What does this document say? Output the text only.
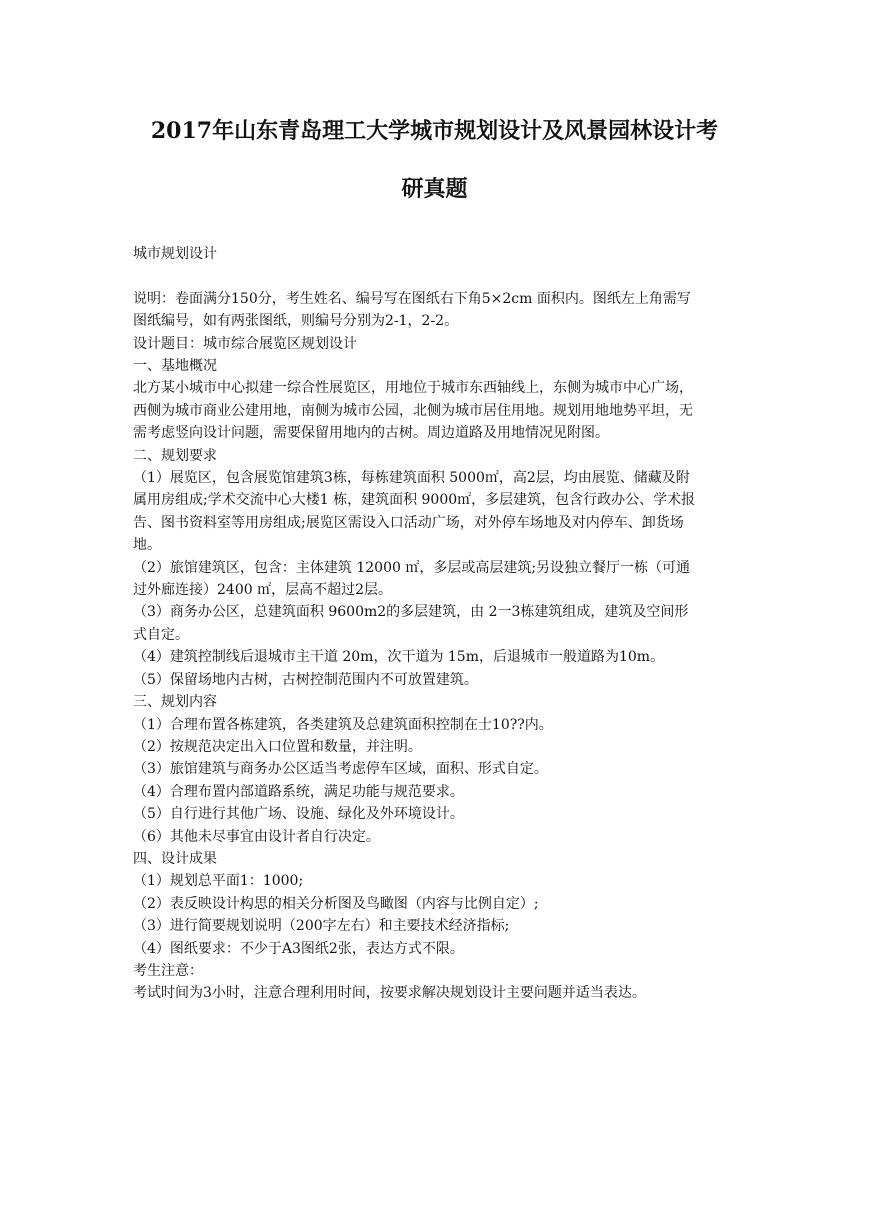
2017年山东青岛理工大学城市规划设计及风景园林设计考
研真题

城市规划设计

说明：卷面满分150分，考生姓名、编号写在图纸右下角5×2cm 面积内。图纸左上角需写

图纸编号，如有两张图纸，则编号分别为2-1，2-2。

设计题目：城市综合展览区规划设计

一、基地概况

北方某小城市中心拟建一综合性展览区，用地位于城市东西轴线上，东侧为城市中心广场，

西侧为城市商业公建用地，南侧为城市公园，北侧为城市居住用地。规划用地地势平坦，无

需考虑竖向设计问题，需要保留用地内的古树。周边道路及用地情况见附图。

二、规划要求

（1）展览区，包含展览馆建筑3栋，每栋建筑面积 5000㎡，高2层，均由展览、储藏及附

属用房组成;学术交流中心大楼1 栋，建筑面积 9000㎡，多层建筑，包含行政办公、学术报

告、图书资料室等用房组成;展览区需设入口活动广场，对外停车场地及对内停车、卸货场

地。

（2）旅馆建筑区，包含：主体建筑 12000 ㎡，多层或高层建筑;另设独立餐厅一栋（可通

过外廊连接）2400 ㎡，层高不超过2层。

（3）商务办公区，总建筑面积 9600m2的多层建筑，由 2一3栋建筑组成，建筑及空间形

式自定。

（4）建筑控制线后退城市主干道 20m，次干道为 15m，后退城市一般道路为10m。

（5）保留场地内古树，古树控制范围内不可放置建筑。

三、规划内容

（1）合理布置各栋建筑，各类建筑及总建筑面积控制在士10??内。

（2）按规范决定出入口位置和数量，并注明。

（3）旅馆建筑与商务办公区适当考虑停车区域，面积、形式自定。

（4）合理布置内部道路系统，满足功能与规范要求。

（5）自行进行其他广场、设施、绿化及外环境设计。

（6）其他未尽事宜由设计者自行决定。

四、设计成果

（1）规划总平面1：1000;

（2）表反映设计构思的相关分析图及鸟瞰图（内容与比例自定）;

（3）进行简要规划说明（200字左右）和主要技术经济指标;

（4）图纸要求：不少于A3图纸2张，表达方式不限。

考生注意：

考试时间为3小时，注意合理利用时间，按要求解决规划设计主要问题并适当表达。
